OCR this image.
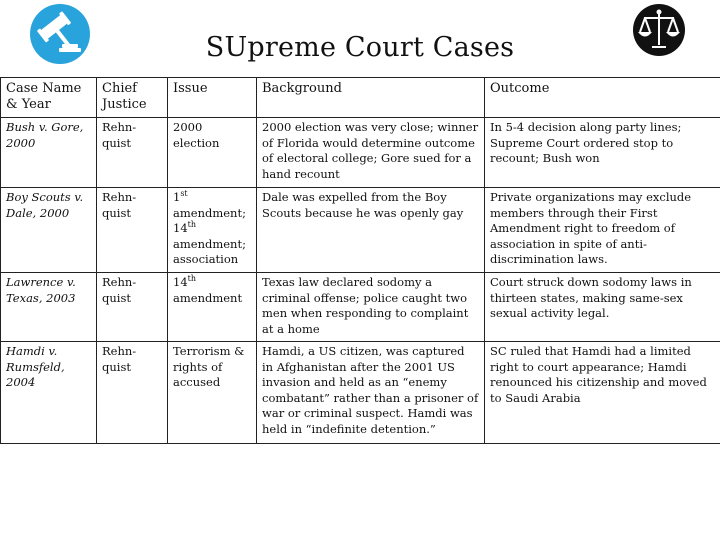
SUpreme Court Cases
Case Name & Year	Chief Justice	Issue	Background	Outcome
Bush v. Gore, 2000	Rehn-quist	2000 election	2000 election was very close; winner of Florida would determine outcome of electoral college; Gore sued for a hand recount	In 5-4 decision along party lines; Supreme Court ordered stop to recount; Bush won
Boy Scouts v. Dale, 2000	Rehn-quist	1st amendment; 14th amendment; association	Dale was expelled from the Boy Scouts because he was openly gay	Private organizations may exclude members through their First Amendment right to freedom of association in spite of anti-discrimination laws.
Lawrence v. Texas, 2003	Rehn-quist	14th amendment	Texas law declared sodomy a criminal offense; police caught two men when responding to complaint at a home	Court struck down sodomy laws in thirteen states, making same-sex sexual activity legal.
Hamdi v. Rumsfeld, 2004	Rehn-quist	Terrorism & rights of accused	Hamdi, a US citizen, was captured in Afghanistan after the 2001 US invasion and held as an “enemy combatant” rather than a prisoner of war or criminal suspect. Hamdi was held in “indefinite detention.”	SC ruled that Hamdi had a limited right to court appearance; Hamdi renounced his citizenship and moved to Saudi Arabia
